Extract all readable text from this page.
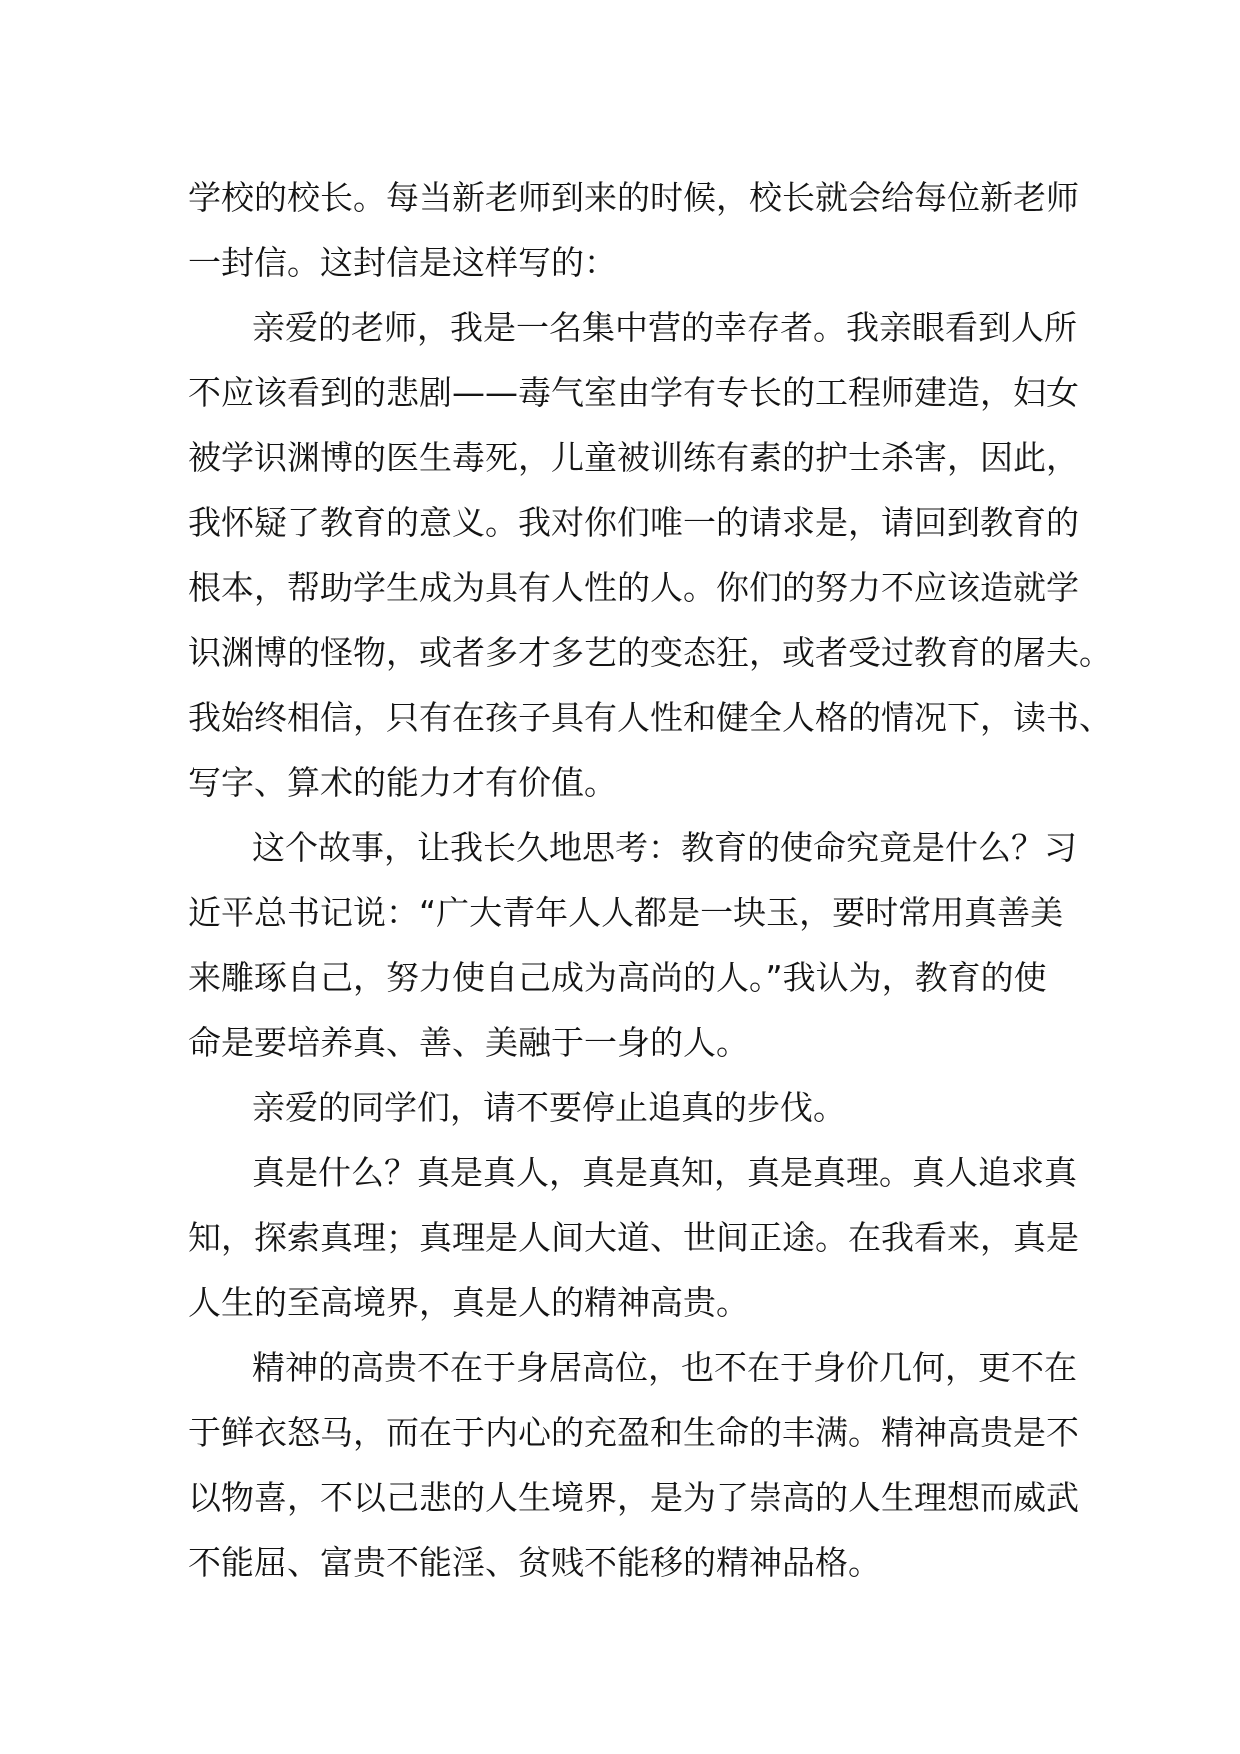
学校的校长。每当新老师到来的时候，校长就会给每位新老师
一封信。这封信是这样写的：
亲爱的老师，我是一名集中营的幸存者。我亲眼看到人所
不应该看到的悲剧——毒气室由学有专长的工程师建造，妇女
被学识渊博的医生毒死，儿童被训练有素的护士杀害，因此，
我怀疑了教育的意义。我对你们唯一的请求是，请回到教育的
根本，帮助学生成为具有人性的人。你们的努力不应该造就学
识渊博的怪物，或者多才多艺的变态狂，或者受过教育的屠夫。
我始终相信，只有在孩子具有人性和健全人格的情况下，读书、
写字、算术的能力才有价值。
这个故事，让我长久地思考：教育的使命究竟是什么？习
近平总书记说：“广大青年人人都是一块玉，要时常用真善美
来雕琢自己，努力使自己成为高尚的人。”我认为，教育的使
命是要培养真、善、美融于一身的人。
亲爱的同学们，请不要停止追真的步伐。
真是什么？真是真人，真是真知，真是真理。真人追求真
知，探索真理；真理是人间大道、世间正途。在我看来，真是
人生的至高境界，真是人的精神高贵。
精神的高贵不在于身居高位，也不在于身价几何，更不在
于鲜衣怒马，而在于内心的充盈和生命的丰满。精神高贵是不
以物喜，不以己悲的人生境界，是为了崇高的人生理想而威武
不能屈、富贵不能淫、贫贱不能移的精神品格。
